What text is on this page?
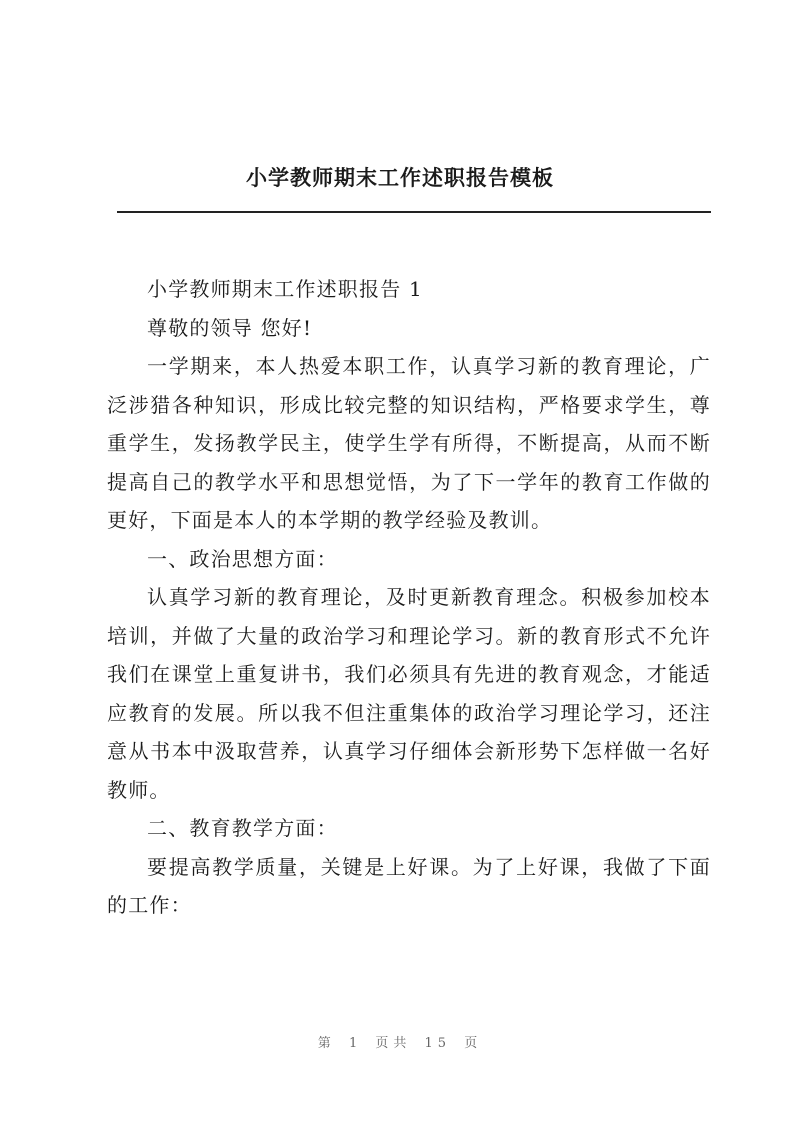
小学教师期末工作述职报告模板

小学教师期末工作述职报告 1

尊敬的领导 您好!

一学期来，本人热爱本职工作，认真学习新的教育理论，广泛涉猎各种知识，形成比较完整的知识结构，严格要求学生，尊重学生，发扬教学民主，使学生学有所得，不断提高，从而不断提高自己的教学水平和思想觉悟，为了下一学年的教育工作做的更好，下面是本人的本学期的教学经验及教训。

一、政治思想方面：

认真学习新的教育理论，及时更新教育理念。积极参加校本培训，并做了大量的政治学习和理论学习。新的教育形式不允许我们在课堂上重复讲书，我们必须具有先进的教育观念，才能适应教育的发展。所以我不但注重集体的政治学习理论学习，还注意从书本中汲取营养，认真学习仔细体会新形势下怎样做一名好教师。

二、教育教学方面：

要提高教学质量，关键是上好课。为了上好课，我做了下面的工作：

第 1 页共 15 页
